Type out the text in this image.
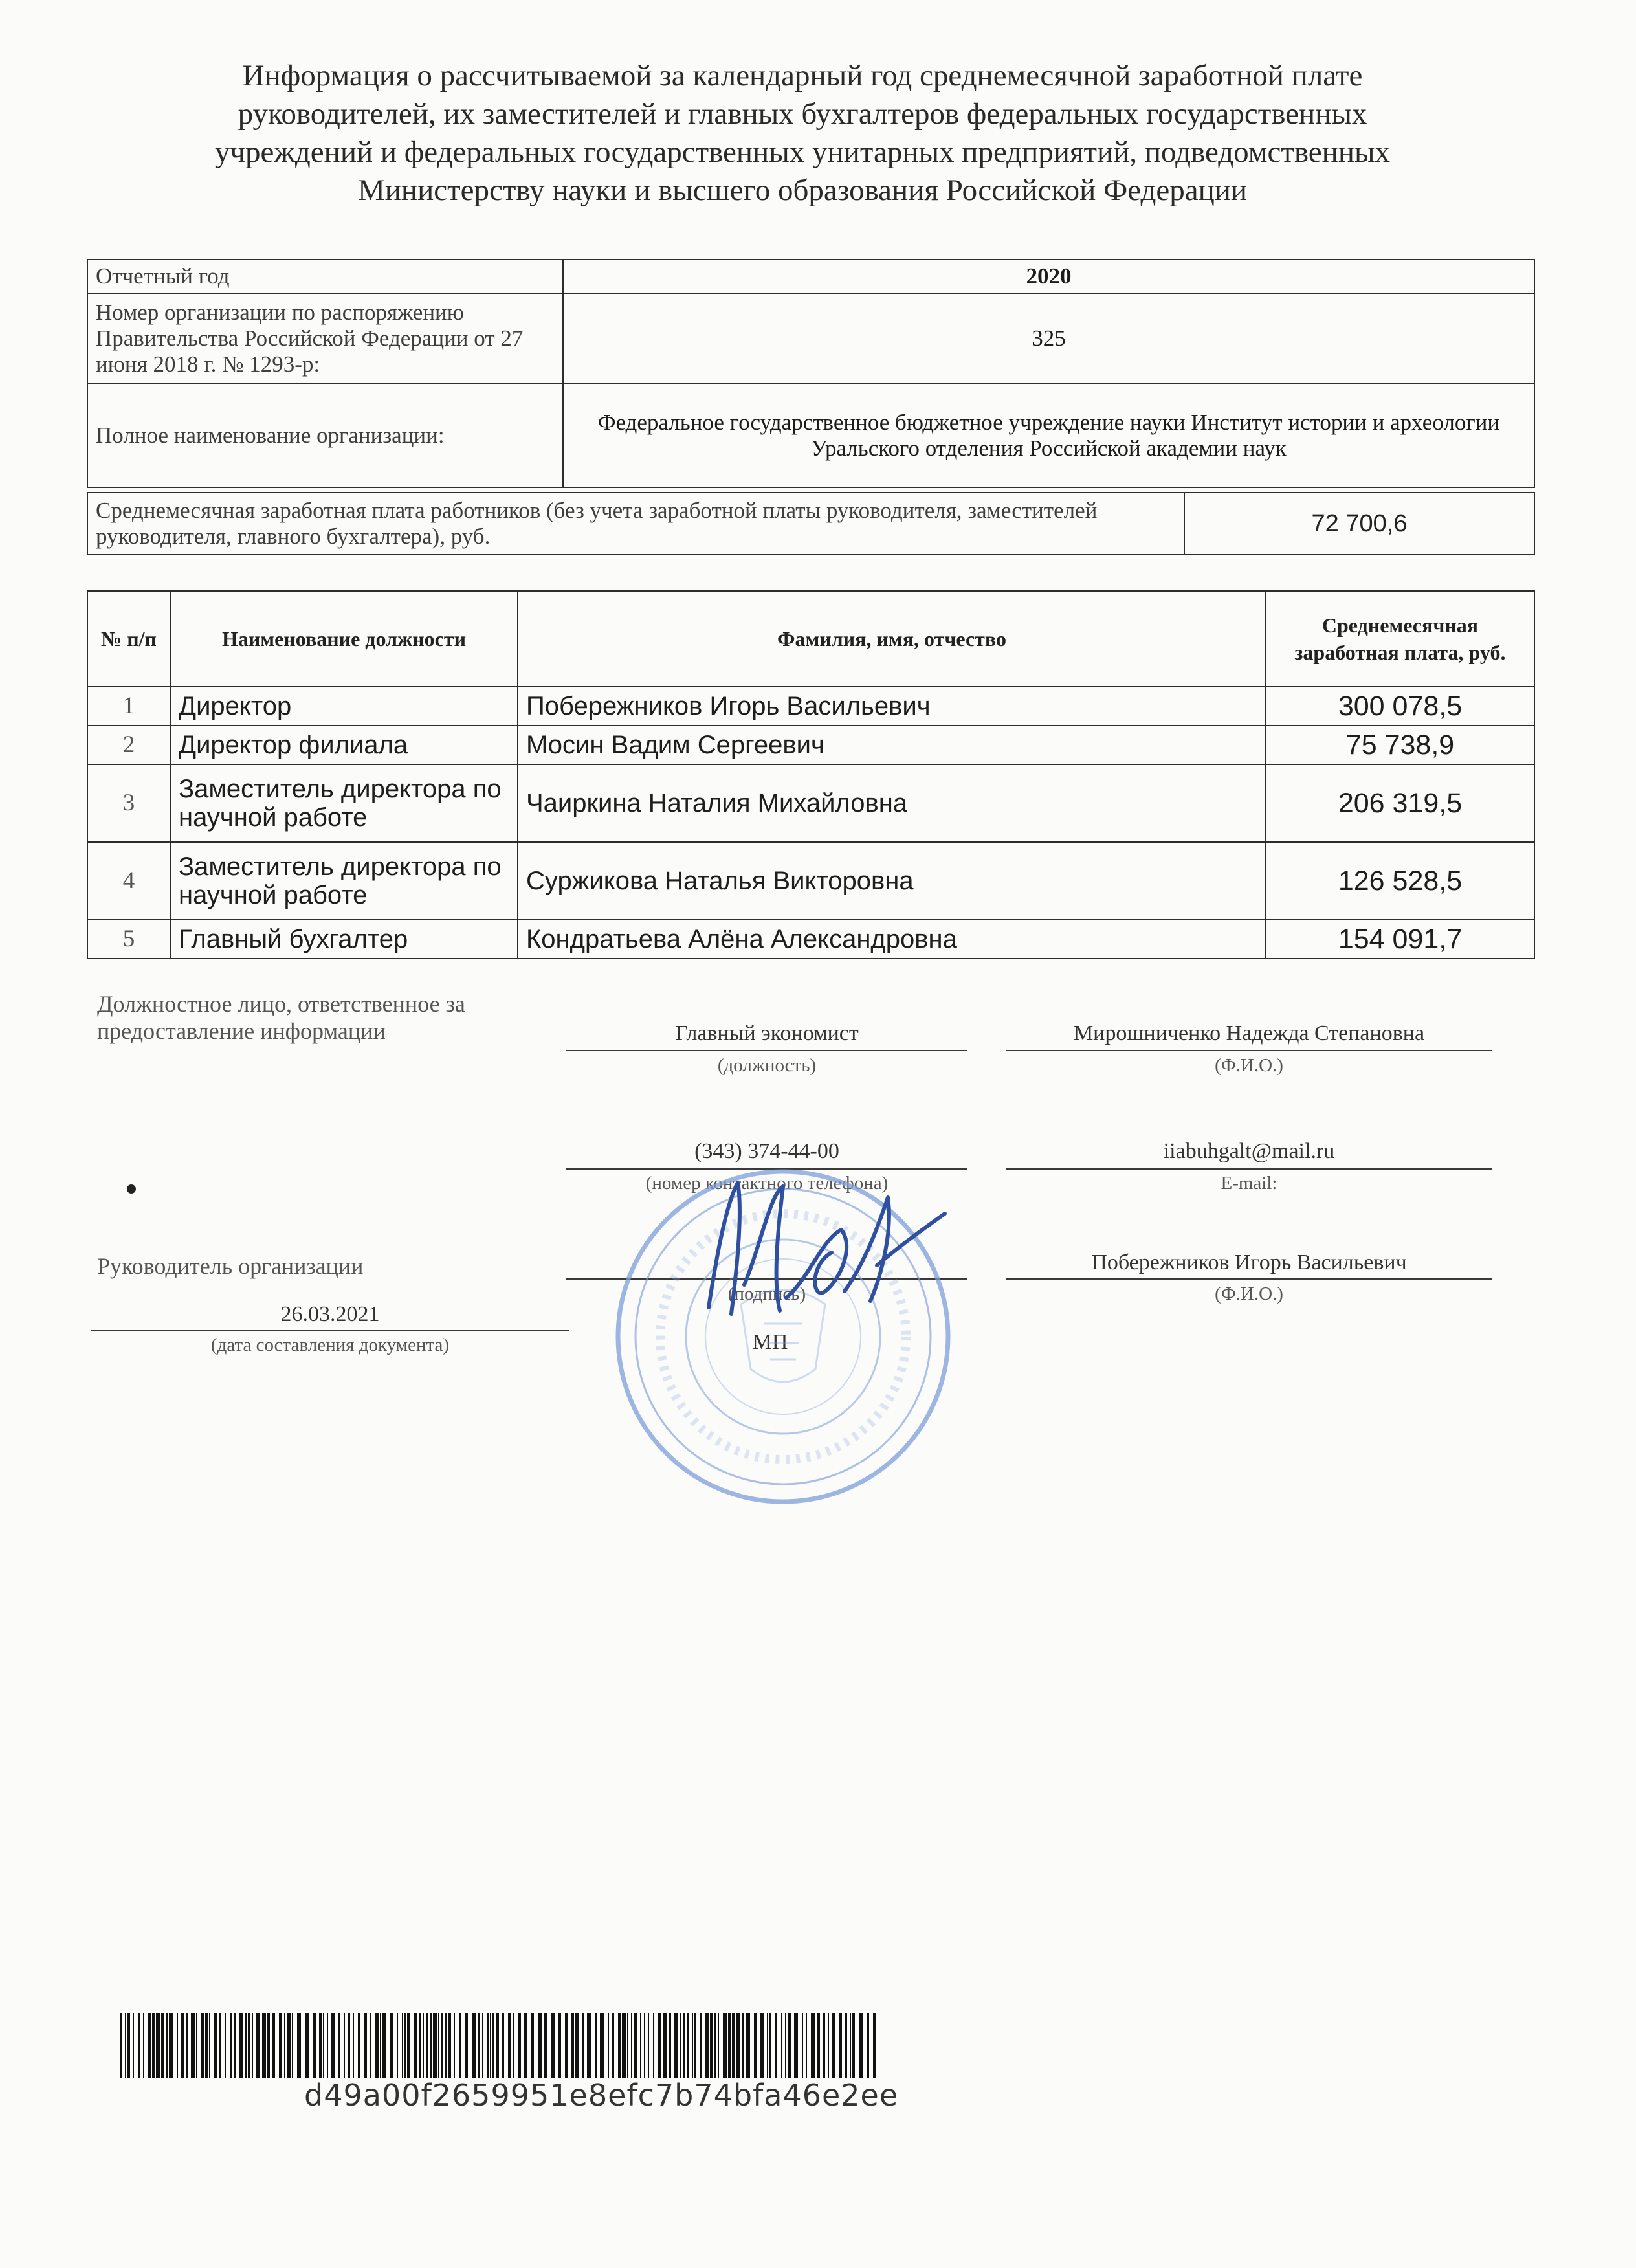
Информация о рассчитываемой за календарный год среднемесячной заработной плате
руководителей, их заместителей и главных бухгалтеров федеральных государственных
учреждений и федеральных государственных унитарных предприятий, подведомственных
Министерству науки и высшего образования Российской Федерации
Отчетный год	2020
Номер организации по распоряжению Правительства Российской Федерации от 27 июня 2018 г. № 1293-р:	325
Полное наименование организации:	Федеральное государственное бюджетное учреждение науки Институт истории и археологии Уральского отделения Российской академии наук
Среднемесячная заработная плата работников (без учета заработной платы руководителя, заместителей руководителя, главного бухгалтера), руб.	72 700,6
№ п/п	Наименование должности	Фамилия, имя, отчество	Среднемесячная заработная плата, руб.
1	Директор	Побережников Игорь Васильевич	300 078,5
2	Директор филиала	Мосин Вадим Сергеевич	75 738,9
3	Заместитель директора по научной работе	Чаиркина Наталия Михайловна	206 319,5
4	Заместитель директора по научной работе	Суржикова Наталья Викторовна	126 528,5
5	Главный бухгалтер	Кондратьева Алёна Александровна	154 091,7
Должностное лицо, ответственное за
предоставление информации	Главный экономист
(должность)
Мирошниченко Надежда Степановна
(Ф.И.О.)
(343) 374-44-00
(номер контактного телефона)
iiabuhgalt@mail.ru
E-mail:
Руководитель организации
(подпись)
Побережников Игорь Васильевич
(Ф.И.О.)
26.03.2021
(дата составления документа)	МП
d49a00f2659951e8efc7b74bfa46e2ee
